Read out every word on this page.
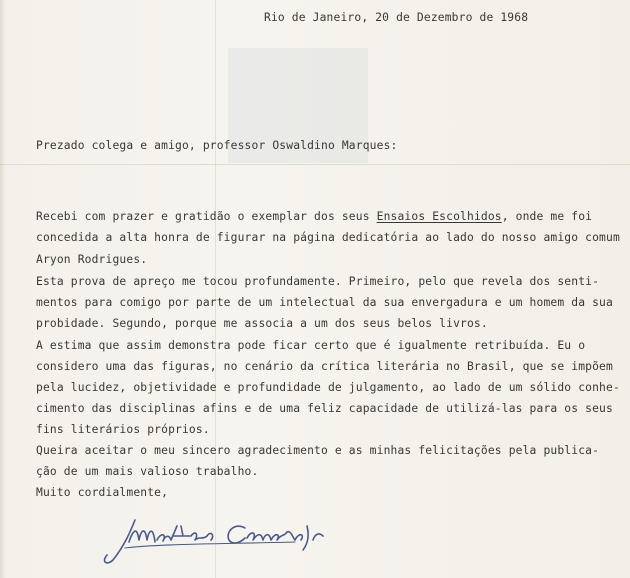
Rio de Janeiro, 20 de Dezembro de 1968
Prezado colega e amigo, professor Oswaldino Marques:
Recebi com prazer e gratidão o exemplar dos seus Ensaios Escolhidos, onde me foi
concedida a alta honra de figurar na página dedicatória ao lado do nosso amigo comum
Aryon Rodrigues.
Esta prova de apreço me tocou profundamente. Primeiro, pelo que revela dos senti-
mentos para comigo por parte de um intelectual da sua envergadura e um homem da sua
probidade. Segundo, porque me associa a um dos seus belos livros.
A estima que assim demonstra pode ficar certo que é igualmente retribuída. Eu o
considero uma das figuras, no cenário da crítica literária no Brasil, que se impõem
pela lucidez, objetividade e profundidade de julgamento, ao lado de um sólido conhe-
cimento das disciplinas afins e de uma feliz capacidade de utilizá-las para os seus
fins literários próprios.
Queira aceitar o meu sincero agradecimento e as minhas felicitações pela publica-
ção de um mais valioso trabalho.
Muito cordialmente,
